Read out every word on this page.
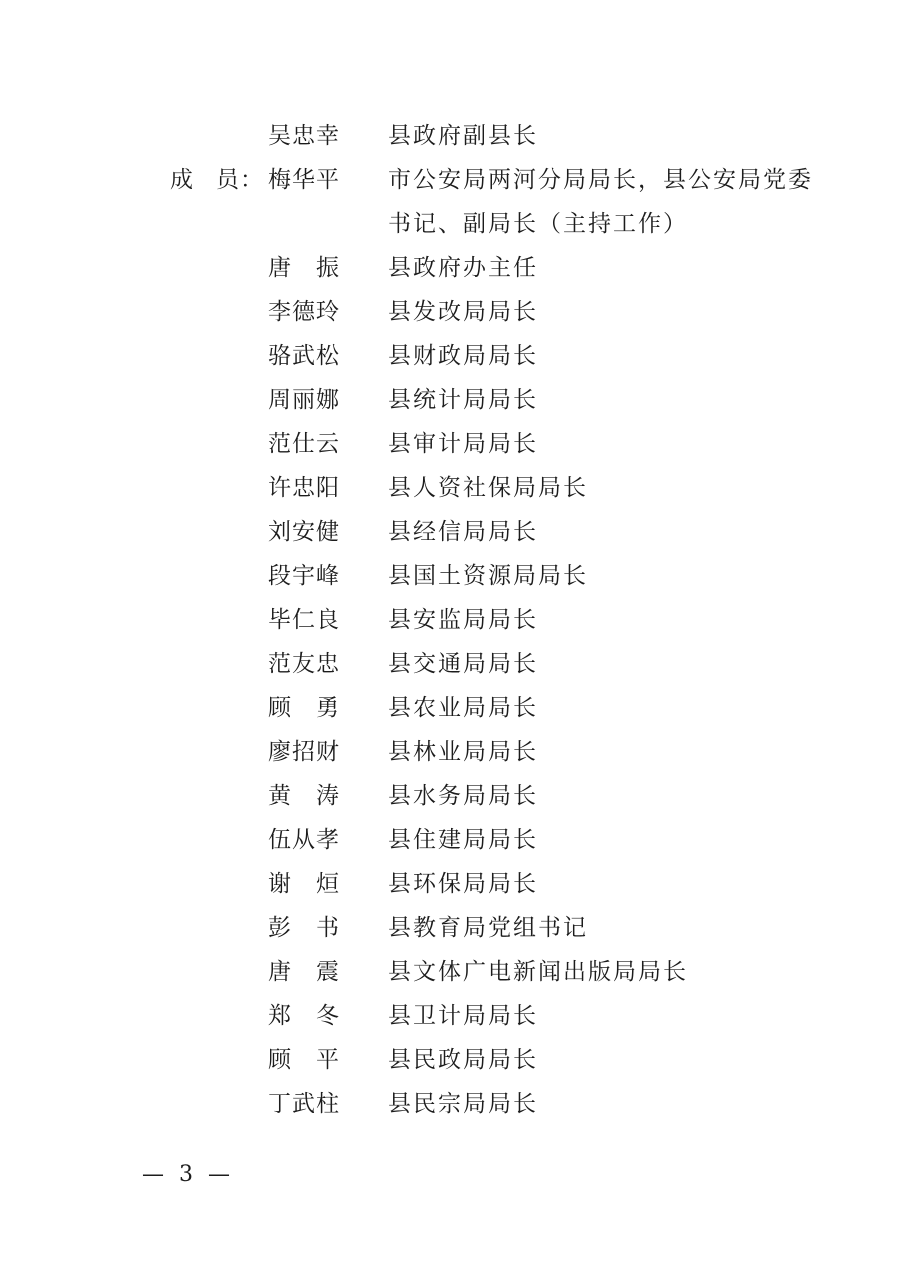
吴忠幸 县政府副县长
成 员： 梅华平 市公安局两河分局局长，县公安局党委
书记、副局长（主持工作）
唐振 县政府办主任
李德玲 县发改局局长
骆武松 县财政局局长
周丽娜 县统计局局长
范仕云 县审计局局长
许忠阳 县人资社保局局长
刘安健 县经信局局长
段宇峰 县国土资源局局长
毕仁良 县安监局局长
范友忠 县交通局局长
顾勇 县农业局局长
廖招财 县林业局局长
黄涛 县水务局局长
伍从孝 县住建局局长
谢烜 县环保局局长
彭书 县教育局党组书记
唐震 县文体广电新闻出版局局长
郑冬 县卫计局局长
顾平 县民政局局长
丁武柱 县民宗局局长
— 3 —
